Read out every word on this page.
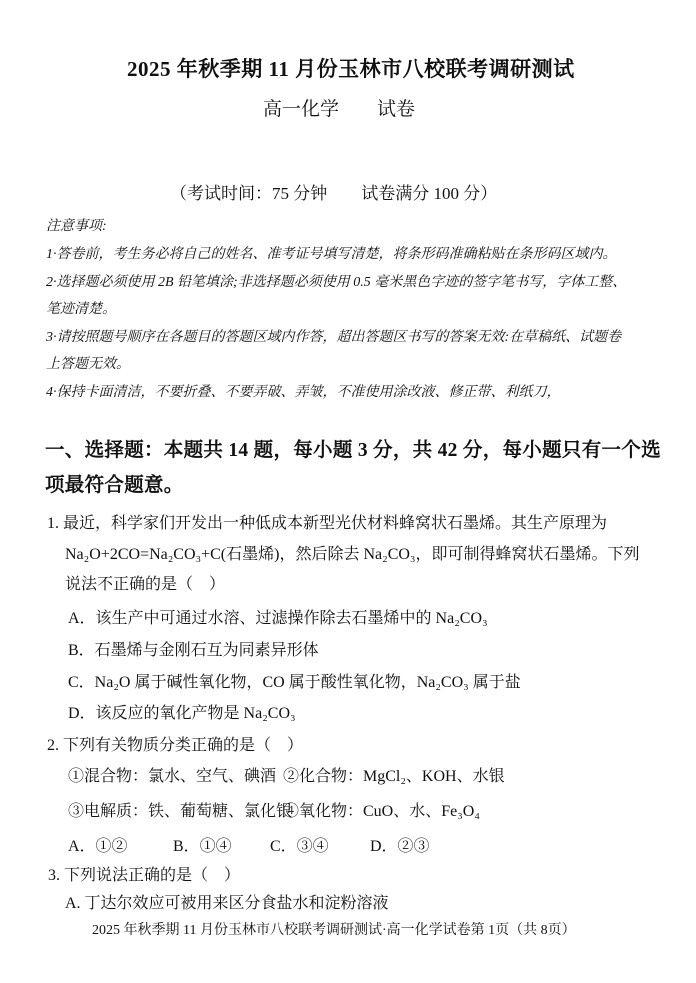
2025 年秋季期 11 月份玉林市八校联考调研测试
高一化学　　试卷
（考试时间：75 分钟　　试卷满分 100 分）
注意事项:
1·答卷前，考生务必将自己的姓名、准考证号填写清楚，将条形码准确粘贴在条形码区域内。
2·选择题必须使用 2B 铅笔填涂;非选择题必须使用 0.5 毫米黑色字迹的签字笔书写，字体工整、
笔迹清楚。
3·请按照题号顺序在各题目的答题区域内作答，超出答题区书写的答案无效:在草稿纸、试题卷
上答题无效。
4·保持卡面清洁，不要折叠、不要弄破、弄皱，不准使用涂改液、修正带、利纸刀，
一、选择题：本题共 14 题，每小题 3 分，共 42 分，每小题只有一个选
项最符合题意。
1. 最近，科学家们开发出一种低成本新型光伏材料蜂窝状石墨烯。其生产原理为
Na₂O+2CO=Na₂CO₃+C(石墨烯)，然后除去 Na₂CO₃，即可制得蜂窝状石墨烯。下列
说法不正确的是（　）
A．该生产中可通过水溶、过滤操作除去石墨烯中的 Na₂CO₃
B．石墨烯与金刚石互为同素异形体
C．Na₂O 属于碱性氧化物，CO 属于酸性氧化物，Na₂CO₃ 属于盐
D．该反应的氧化产物是 Na₂CO₃
2. 下列有关物质分类正确的是（　）
①混合物：氯水、空气、碘酒 ②化合物：MgCl₂、KOH、水银
③电解质：铁、葡萄糖、氯化银④氧化物：CuO、水、Fe₃O₄
A．①②	B．①④ C．③④	D．②③
3. 下列说法正确的是（　）
A. 丁达尔效应可被用来区分食盐水和淀粉溶液
2025 年秋季期 11 月份玉林市八校联考调研测试·高一化学试卷第 1页（共 8页）
